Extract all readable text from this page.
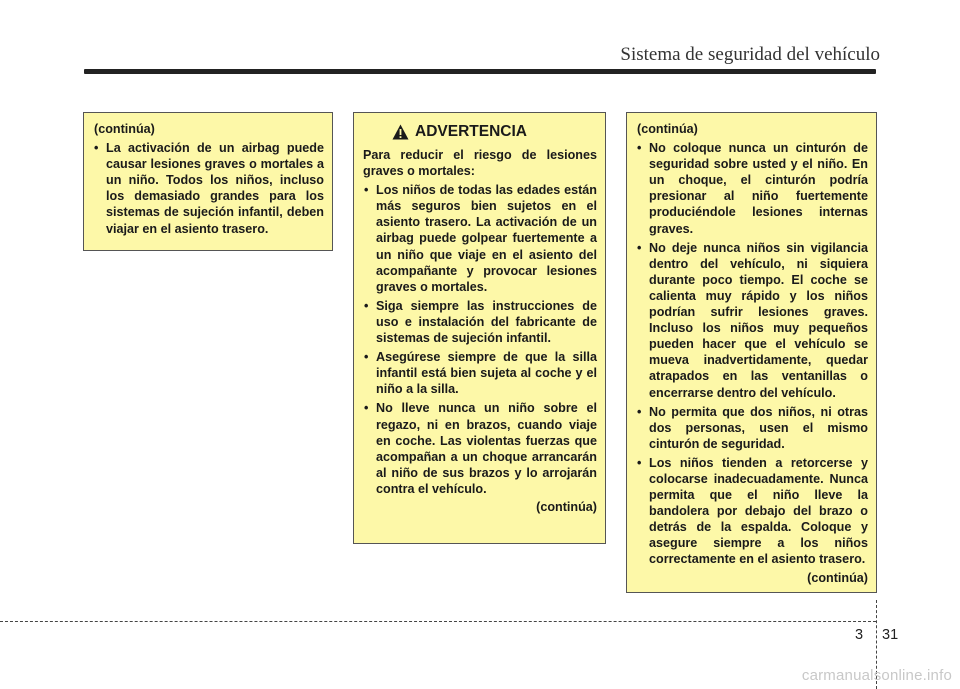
Sistema de seguridad del vehículo
(continúa)
• La activación de un airbag puede causar lesiones graves o mortales a un niño. Todos los niños, incluso los demasiado grandes para los sistemas de sujeción infantil, deben viajar en el asiento trasero.
ADVERTENCIA
Para reducir el riesgo de lesiones graves o mortales:
• Los niños de todas las edades están más seguros bien sujetos en el asiento trasero. La activación de un airbag puede golpear fuertemente a un niño que viaje en el asiento del acompañante y provocar lesiones graves o mortales.
• Siga siempre las instrucciones de uso e instalación del fabricante de sistemas de sujeción infantil.
• Asegúrese siempre de que la silla infantil está bien sujeta al coche y el niño a la silla.
• No lleve nunca un niño sobre el regazo, ni en brazos, cuando viaje en coche. Las violentas fuerzas que acompañan a un choque arrancarán al niño de sus brazos y lo arrojarán contra el vehículo.
(continúa)
(continúa)
• No coloque nunca un cinturón de seguridad sobre usted y el niño. En un choque, el cinturón podría presionar al niño fuertemente produciéndole lesiones internas graves.
• No deje nunca niños sin vigilancia dentro del vehículo, ni siquiera durante poco tiempo. El coche se calienta muy rápido y los niños podrían sufrir lesiones graves. Incluso los niños muy pequeños pueden hacer que el vehículo se mueva inadvertidamente, quedar atrapados en las ventanillas o encerrarse dentro del vehículo.
• No permita que dos niños, ni otras dos personas, usen el mismo cinturón de seguridad.
• Los niños tienden a retorcerse y colocarse inadecuadamente. Nunca permita que el niño lleve la bandolera por debajo del brazo o detrás de la espalda. Coloque y asegure siempre a los niños correctamente en el asiento trasero.
(continúa)
3 31
carmanualsonline.info
